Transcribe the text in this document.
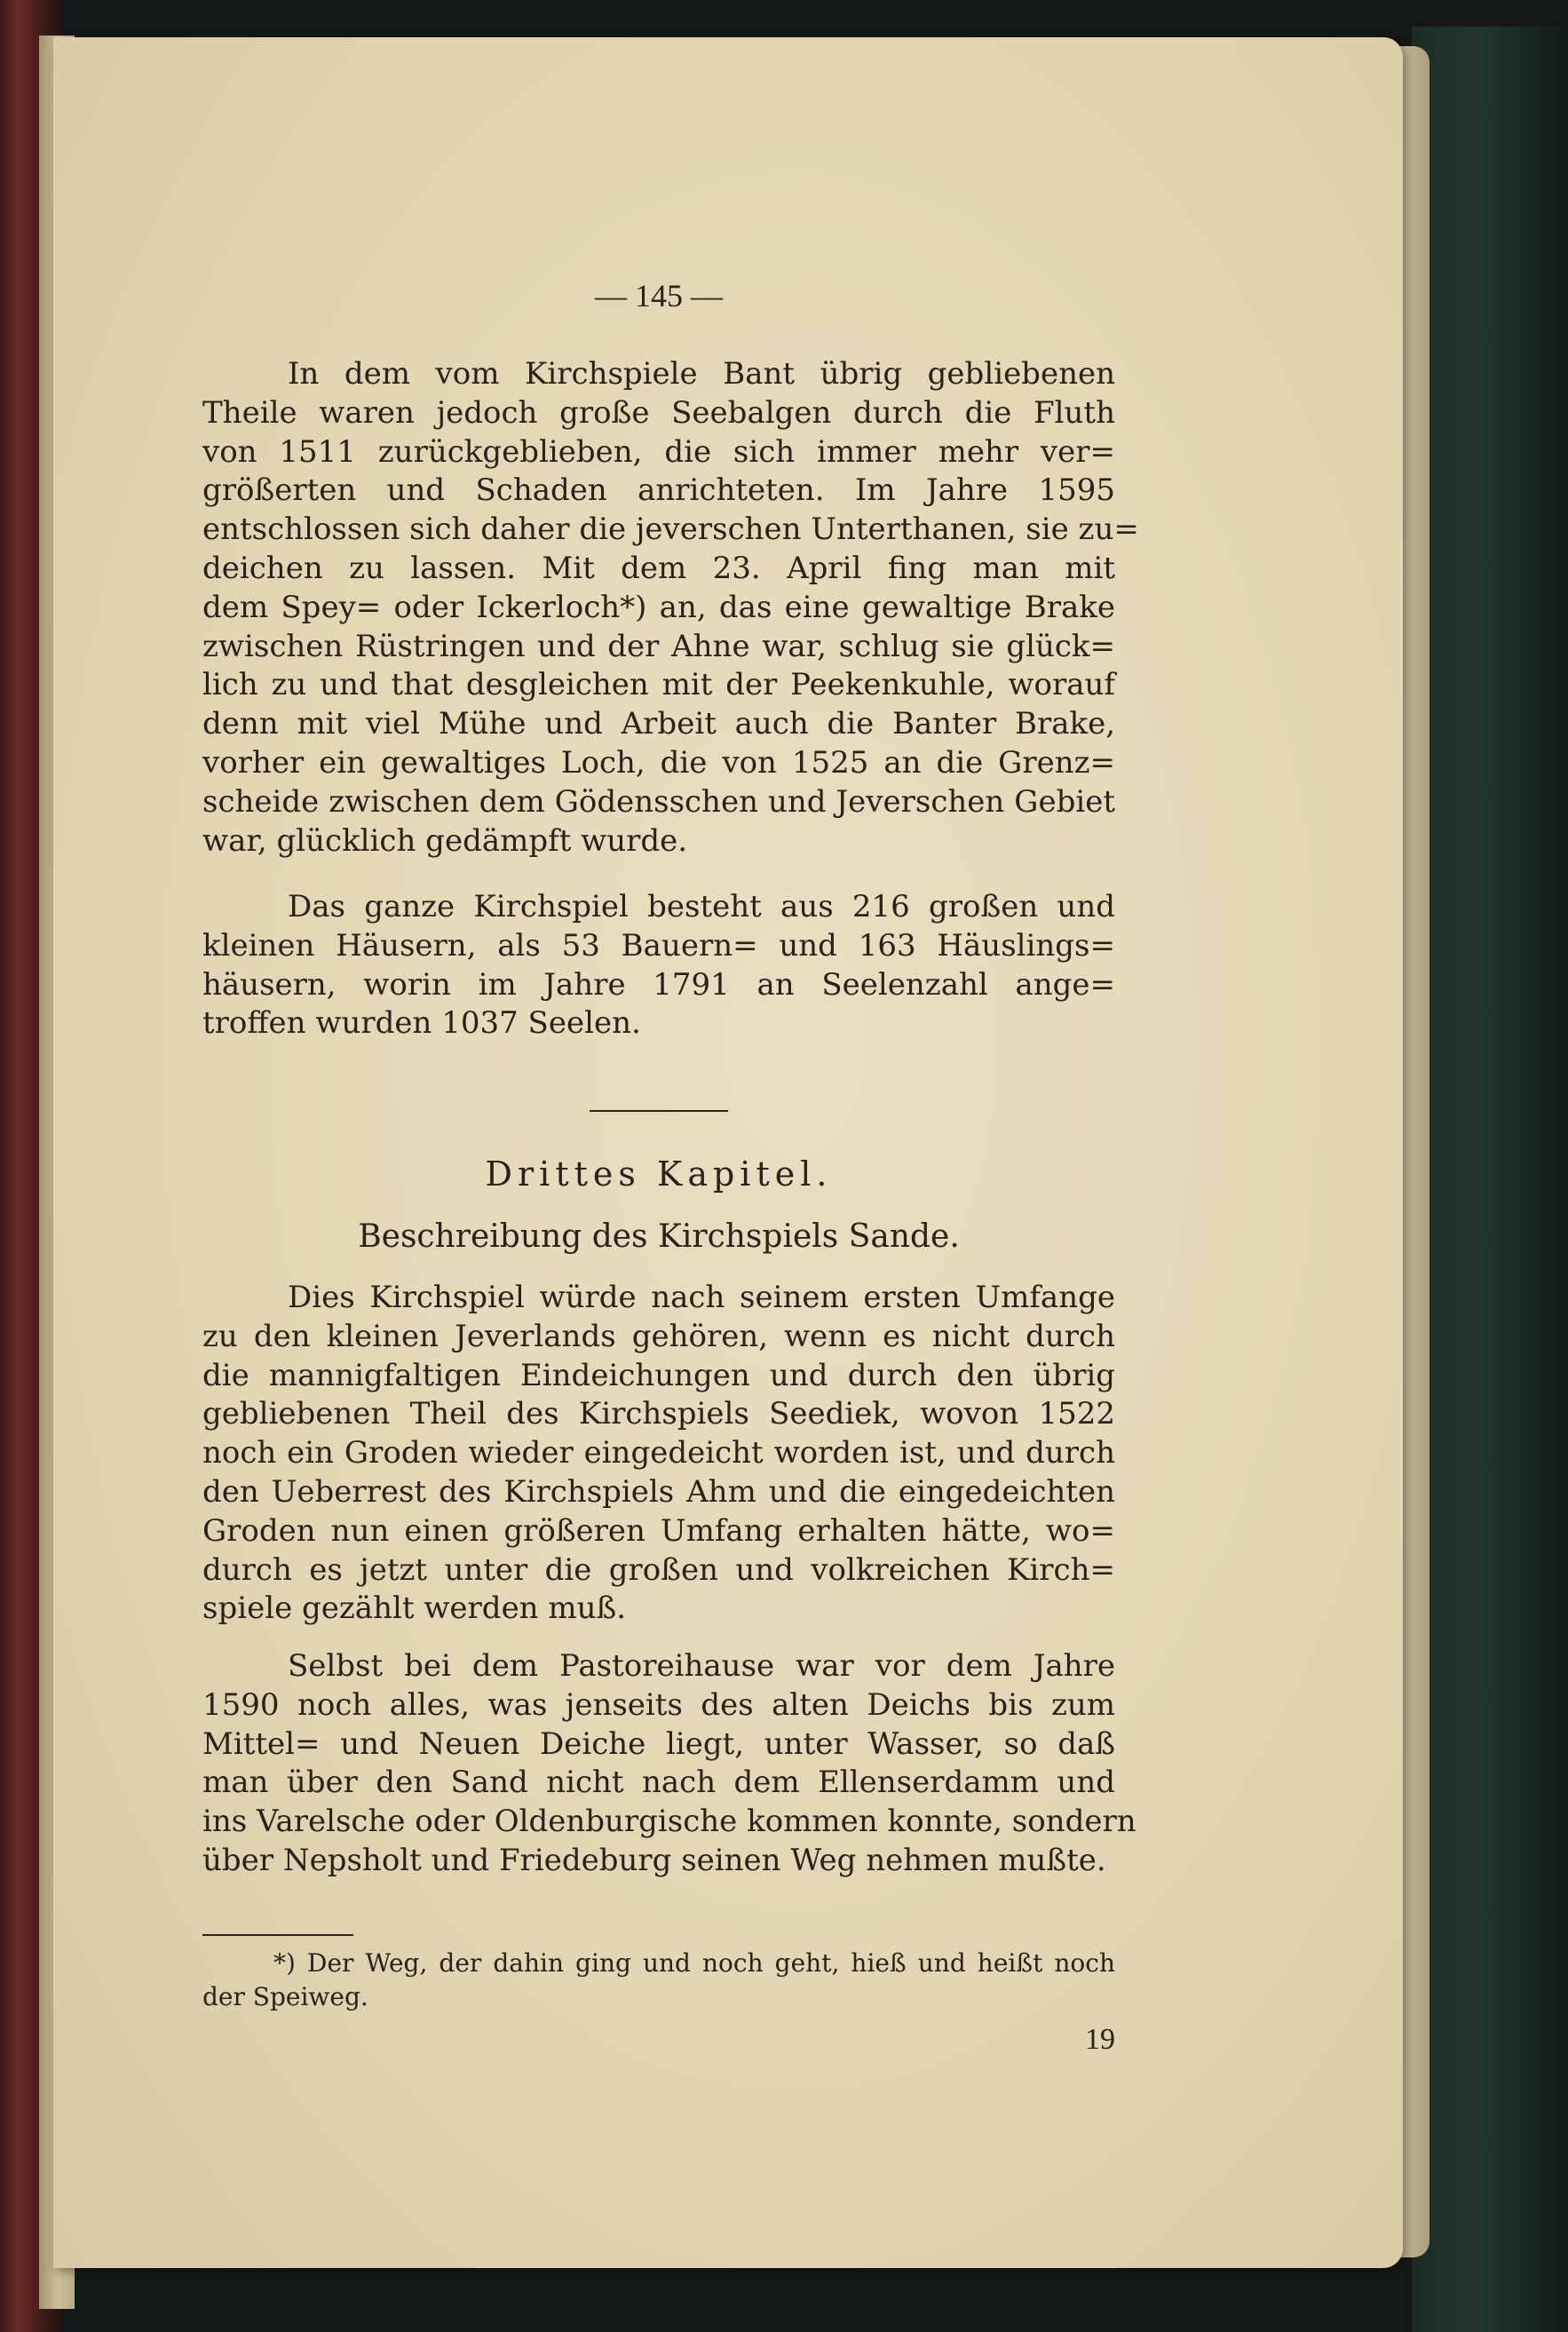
— 145 —
In dem vom Kirchspiele Bant übrig gebliebenen
Theile waren jedoch große Seebalgen durch die Fluth
von 1511 zurückgeblieben, die sich immer mehr ver=
größerten und Schaden anrichteten. Im Jahre 1595
entschlossen sich daher die jeverschen Unterthanen, sie zu=
deichen zu lassen. Mit dem 23. April fing man mit
dem Spey= oder Ickerloch*) an, das eine gewaltige Brake
zwischen Rüstringen und der Ahne war, schlug sie glück=
lich zu und that desgleichen mit der Peekenkuhle, worauf
denn mit viel Mühe und Arbeit auch die Banter Brake,
vorher ein gewaltiges Loch, die von 1525 an die Grenz=
scheide zwischen dem Gödensschen und Jeverschen Gebiet
war, glücklich gedämpft wurde.
Das ganze Kirchspiel besteht aus 216 großen und
kleinen Häusern, als 53 Bauern= und 163 Häuslings=
häusern, worin im Jahre 1791 an Seelenzahl ange=
troffen wurden 1037 Seelen.
Drittes Kapitel.
Beschreibung des Kirchspiels Sande.
Dies Kirchspiel würde nach seinem ersten Umfange
zu den kleinen Jeverlands gehören, wenn es nicht durch
die mannigfaltigen Eindeichungen und durch den übrig
gebliebenen Theil des Kirchspiels Seediek, wovon 1522
noch ein Groden wieder eingedeicht worden ist, und durch
den Ueberrest des Kirchspiels Ahm und die eingedeichten
Groden nun einen größeren Umfang erhalten hätte, wo=
durch es jetzt unter die großen und volkreichen Kirch=
spiele gezählt werden muß.
Selbst bei dem Pastoreihause war vor dem Jahre
1590 noch alles, was jenseits des alten Deichs bis zum
Mittel= und Neuen Deiche liegt, unter Wasser, so daß
man über den Sand nicht nach dem Ellenserdamm und
ins Varelsche oder Oldenburgische kommen konnte, sondern
über Nepsholt und Friedeburg seinen Weg nehmen mußte.
*) Der Weg, der dahin ging und noch geht, hieß und heißt noch
der Speiweg.
19
